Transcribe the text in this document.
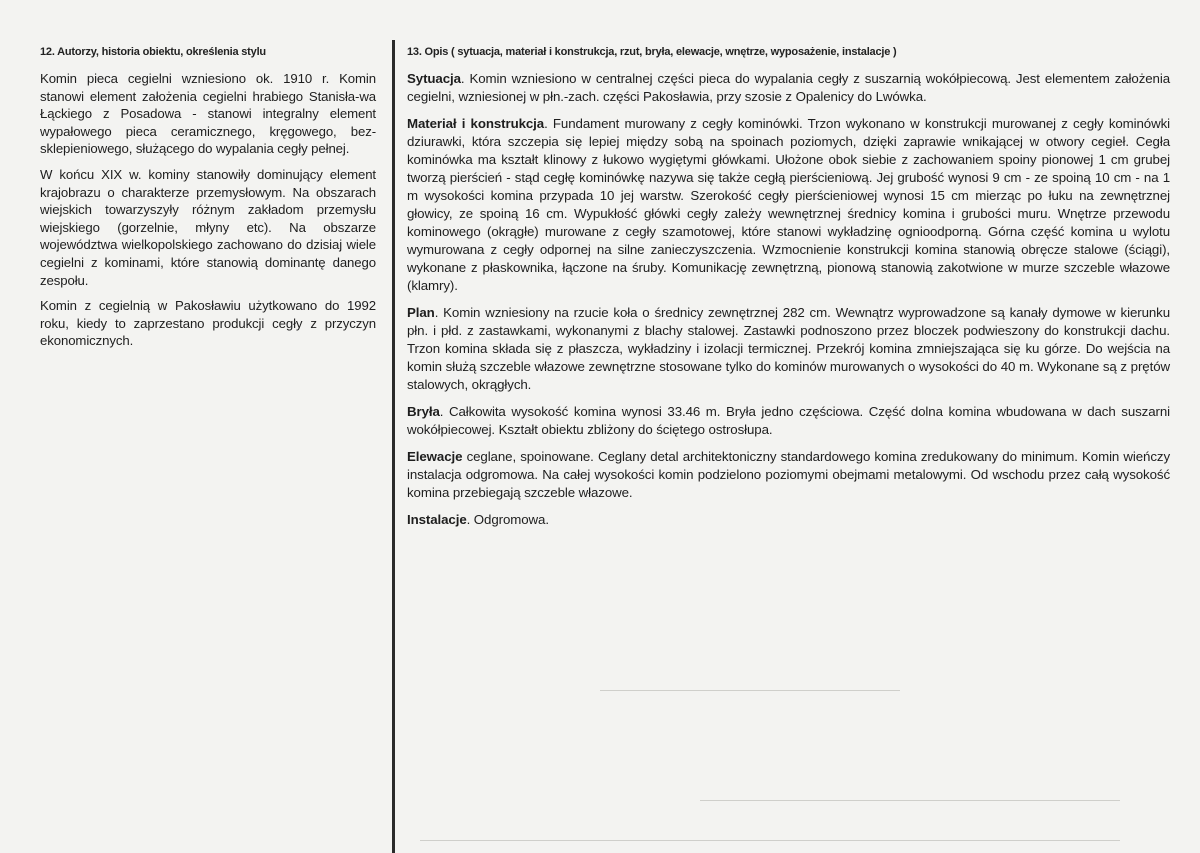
12. Autorzy, historia obiektu, określenia stylu

Komin pieca cegielni wzniesiono ok. 1910 r. Komin stanowi element założenia cegielni hrabiego Stanisła-wa Łąckiego z Posadowa - stanowi integralny element wypałowego pieca ceramicznego, kręgowego, bez-sklepieniowego, służącego do wypalania cegły pełnej.

W końcu XIX w. kominy stanowiły dominujący element krajobrazu o charakterze przemysłowym. Na obszarach wiejskich towarzyszyły różnym zakładom przemysłu wiejskiego (gorzelnie, młyny etc). Na obszarze województwa wielkopolskiego zachowano do dzisiaj wiele cegielni z kominami, które stanowią dominantę danego zespołu.

Komin z cegielnią w Pakosławiu użytkowano do 1992 roku, kiedy to zaprzestano produkcji cegły z przyczyn ekonomicznych.

13. Opis ( sytuacja, materiał i konstrukcja, rzut, bryła, elewacje, wnętrze, wyposażenie, instalacje )

Sytuacja. Komin wzniesiono w centralnej części pieca do wypalania cegły z suszarnią wokółpiecową. Jest elementem założenia cegielni, wzniesionej w płn.-zach. części Pakosławia, przy szosie z Opalenicy do Lwówka.

Materiał i konstrukcja. Fundament murowany z cegły kominówki. Trzon wykonano w konstrukcji murowanej z cegły kominówki dziurawki, która szczepia się lepiej między sobą na spoinach poziomych, dzięki zaprawie wnikającej w otwory cegieł. Cegła kominówka ma kształt klinowy z łukowo wygiętymi główkami. Ułożone obok siebie z zachowaniem spoiny pionowej 1 cm grubej tworzą pierścień - stąd cegłę kominówkę nazywa się także cegłą pierścieniową. Jej grubość wynosi 9 cm - ze spoiną 10 cm - na 1 m wysokości komina przypada 10 jej warstw. Szerokość cegły pierścieniowej wynosi 15 cm mierząc po łuku na zewnętrznej głowicy, ze spoiną 16 cm. Wypukłość główki cegły zależy wewnętrznej średnicy komina i grubości muru. Wnętrze przewodu kominowego (okrągłe) murowane z cegły szamotowej, które stanowi wykładzinę ognioodporną. Górna część komina u wylotu wymurowana z cegły odpornej na silne zanieczyszczenia. Wzmocnienie konstrukcji komina stanowią obręcze stalowe (ściągi), wykonane z płaskownika, łączone na śruby. Komunikację zewnętrzną, pionową stanowią zakotwione w murze szczeble włazowe (klamry).

Plan. Komin wzniesiony na rzucie koła o średnicy zewnętrznej 282 cm. Wewnątrz wyprowadzone są kanały dymowe w kierunku płn. i płd. z zastawkami, wykonanymi z blachy stalowej. Zastawki podnoszono przez bloczek podwieszony do konstrukcji dachu. Trzon komina składa się z płaszcza, wykładziny i izolacji termicznej. Przekrój komina zmniejszająca się ku górze. Do wejścia na komin służą szczeble włazowe zewnętrzne stosowane tylko do kominów murowanych o wysokości do 40 m. Wykonane są z prętów stalowych, okrągłych.

Bryła. Całkowita wysokość komina wynosi 33.46 m. Bryła jedno częściowa. Część dolna komina wbudowana w dach suszarni wokółpiecowej. Kształt obiektu zbliżony do ściętego ostrosłupa.

Elewacje ceglane, spoinowane. Ceglany detal architektoniczny standardowego komina zredukowany do minimum. Komin wieńczy instalacja odgromowa. Na całej wysokości komin podzielono poziomymi obejmami metalowymi. Od wschodu przez całą wysokość komina przebiegają szczeble włazowe.

Instalacje. Odgromowa.
